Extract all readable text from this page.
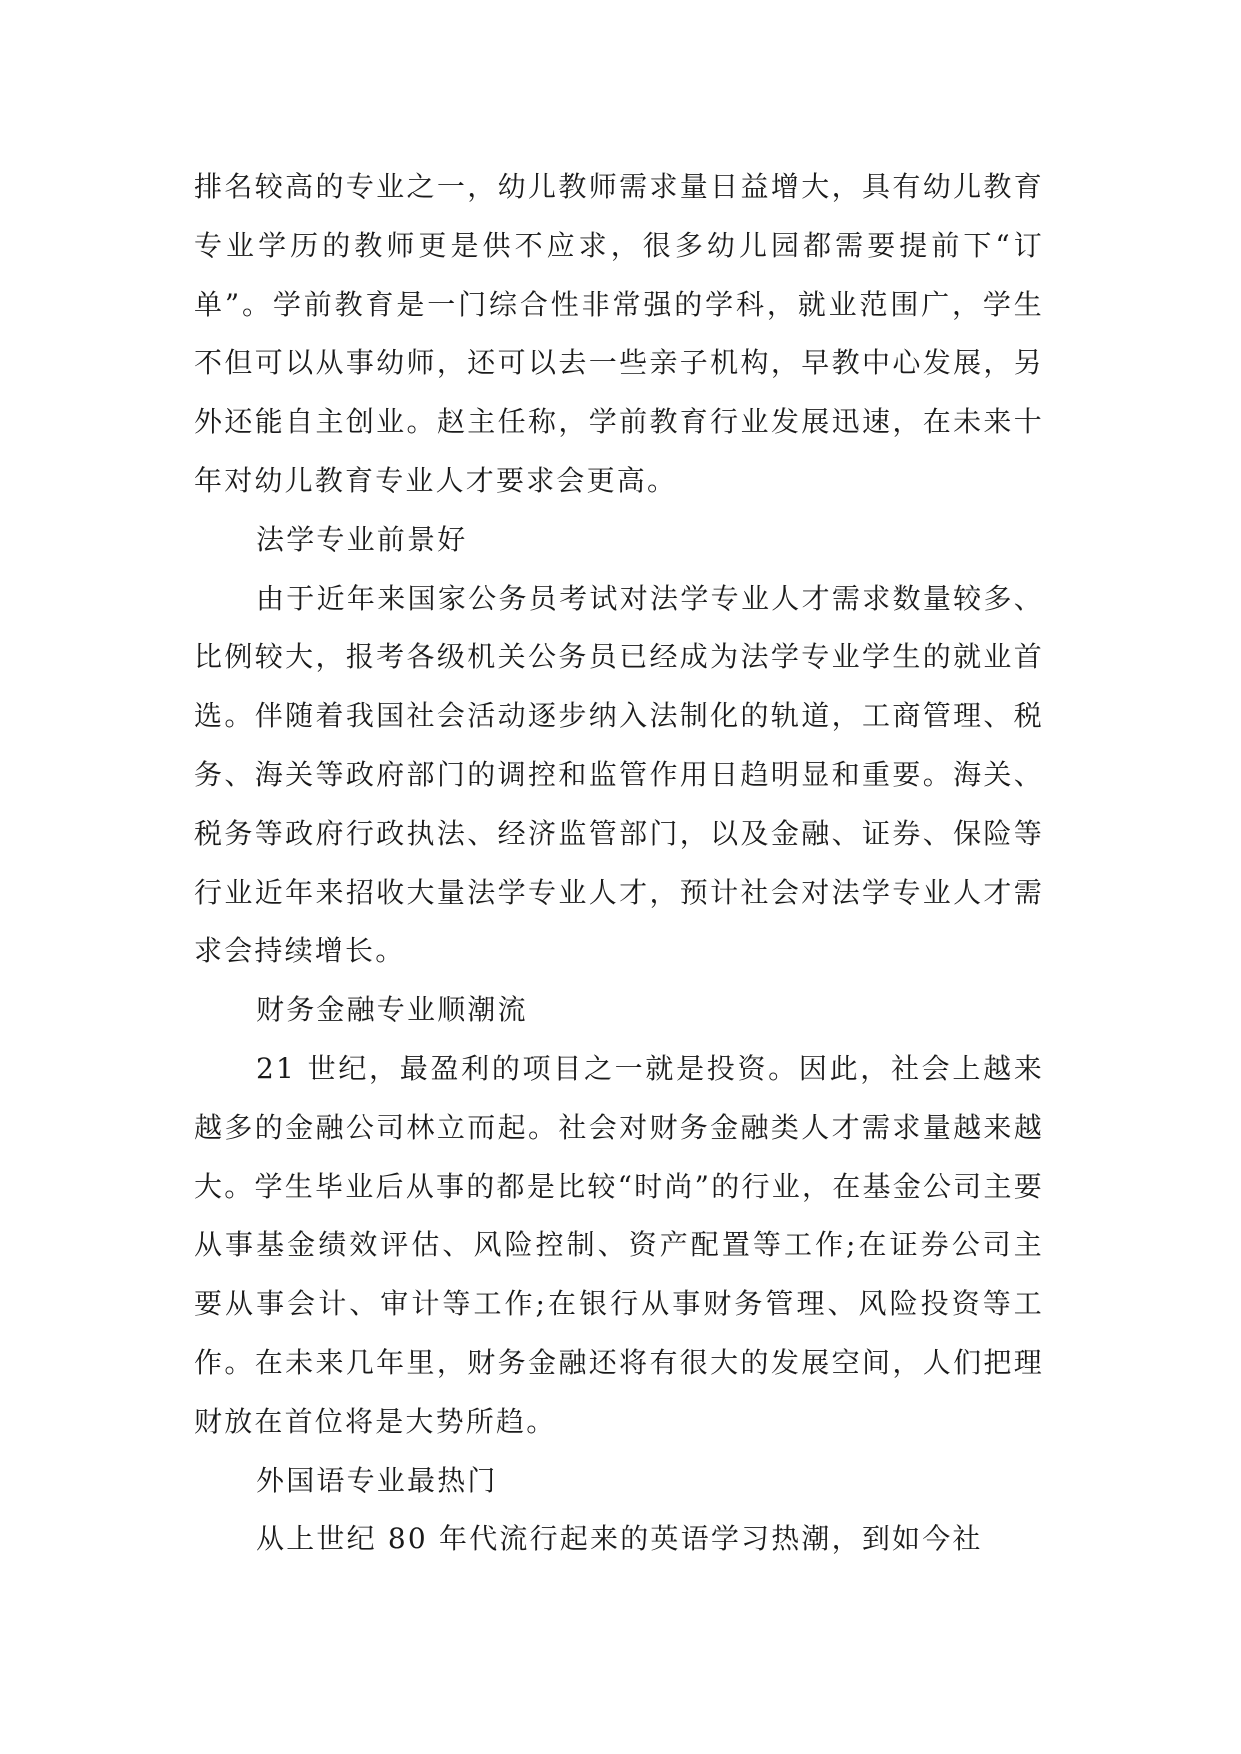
排名较高的专业之一，幼儿教师需求量日益增大，具有幼儿教育专业学历的教师更是供不应求，很多幼儿园都需要提前下“订单”。学前教育是一门综合性非常强的学科，就业范围广，学生不但可以从事幼师，还可以去一些亲子机构，早教中心发展，另外还能自主创业。赵主任称，学前教育行业发展迅速，在未来十年对幼儿教育专业人才要求会更高。

法学专业前景好

由于近年来国家公务员考试对法学专业人才需求数量较多、比例较大，报考各级机关公务员已经成为法学专业学生的就业首选。伴随着我国社会活动逐步纳入法制化的轨道，工商管理、税务、海关等政府部门的调控和监管作用日趋明显和重要。海关、税务等政府行政执法、经济监管部门，以及金融、证券、保险等行业近年来招收大量法学专业人才，预计社会对法学专业人才需求会持续增长。

财务金融专业顺潮流

21 世纪，最盈利的项目之一就是投资。因此，社会上越来越多的金融公司林立而起。社会对财务金融类人才需求量越来越大。学生毕业后从事的都是比较“时尚”的行业，在基金公司主要从事基金绩效评估、风险控制、资产配置等工作;在证券公司主要从事会计、审计等工作;在银行从事财务管理、风险投资等工作。在未来几年里，财务金融还将有很大的发展空间，人们把理财放在首位将是大势所趋。

外国语专业最热门

从上世纪 80 年代流行起来的英语学习热潮，到如今社
